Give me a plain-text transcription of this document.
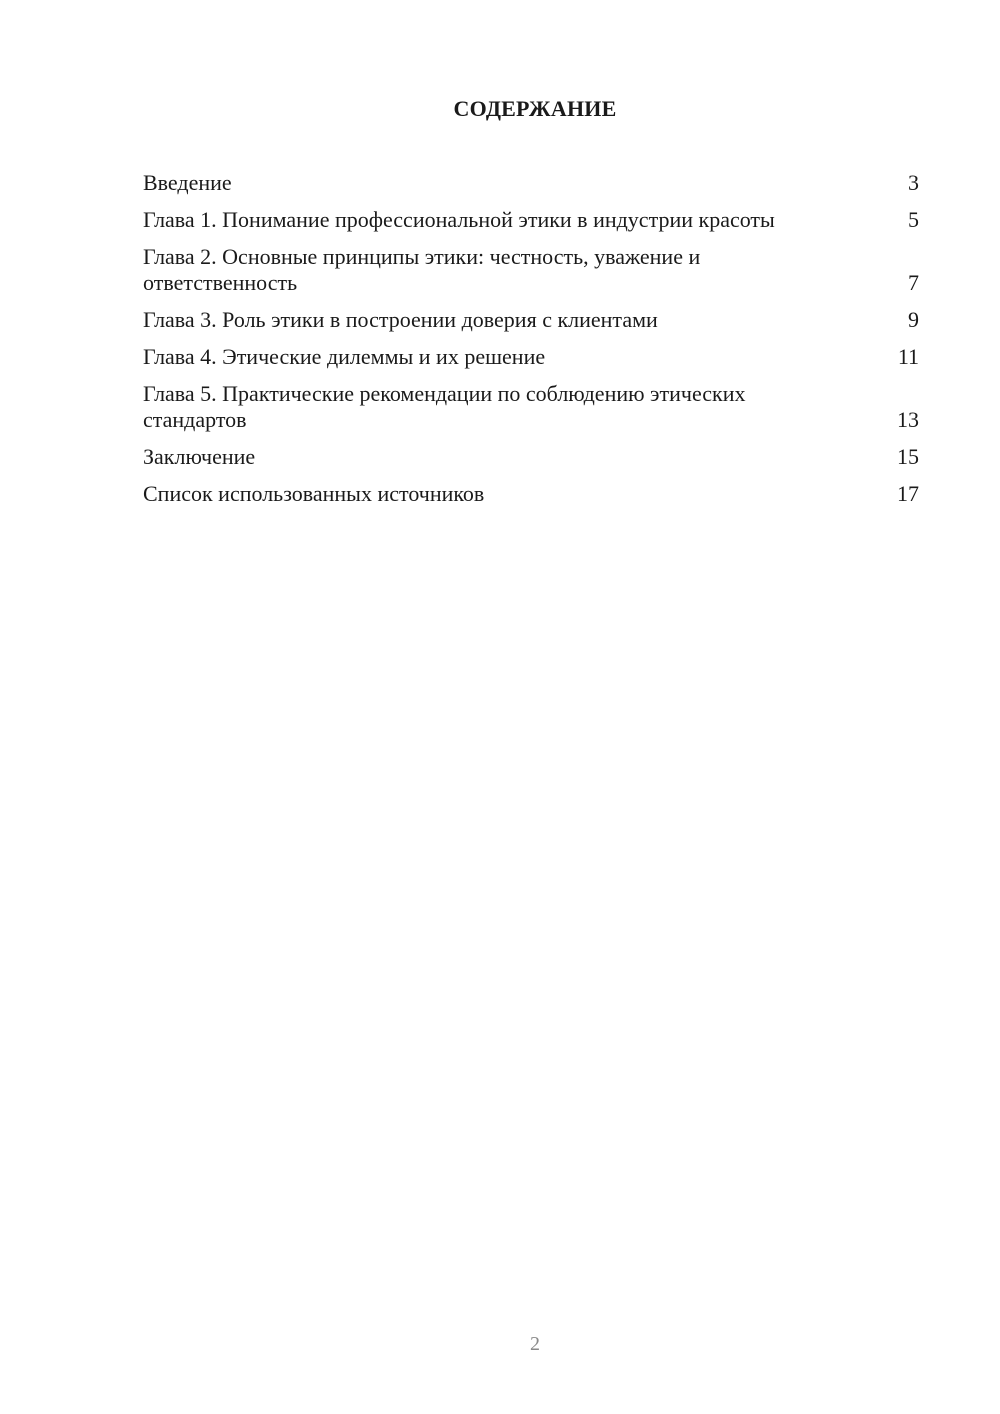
СОДЕРЖАНИЕ
Введение	3
Глава 1. Понимание профессиональной этики в индустрии красоты	5
Глава 2. Основные принципы этики: честность, уважение и ответственность	7
Глава 3. Роль этики в построении доверия с клиентами	9
Глава 4. Этические дилеммы и их решение	11
Глава 5. Практические рекомендации по соблюдению этических стандартов	13
Заключение	15
Список использованных источников	17
2
